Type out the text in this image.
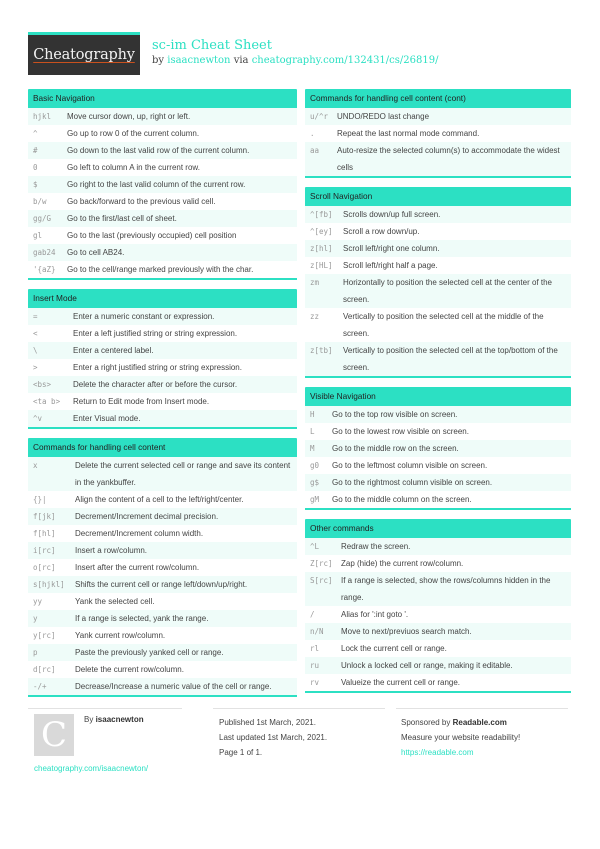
Cheatography
sc-im Cheat Sheet
by isaacnewton via cheatography.com/132431/cs/26819/
Basic Navigation
hjkl	Move cursor down, up, right or left.
^	Go up to row 0 of the current column.
#	Go down to the last valid row of the current column.
0	Go left to column A in the current row.
$	Go right to the last valid column of the current row.
b/w	Go back/forward to the previous valid cell.
gg/G	Go to the first/last cell of sheet.
gl	Go to the last (previously occupied) cell position
gab24	Go to cell AB24.
'{aZ}	Go to the cell/range marked previously with the char.
Insert Mode
=	Enter a numeric constant or expression.
<	Enter a left justified string or string expression.
\	Enter a centered label.
>	Enter a right justified string or string expression.
<bs>	Delete the character after or before the cursor.
<ta b>	Return to Edit mode from Insert mode.
^v	Enter Visual mode.
Commands for handling cell content
x	Delete the current selected cell or range and save its content in the yankbuffer.
{}|	Align the content of a cell to the left/right/center.
f[jk]	Decrement/Increment decimal precision.
f[hl]	Decrement/Increment column width.
i[rc]	Insert a row/column.
o[rc]	Insert after the current row/column.
s[hjkl]	Shifts the current cell or range left/down/up/right.
yy	Yank the selected cell.
y	If a range is selected, yank the range.
y[rc]	Yank current row/column.
p	Paste the previously yanked cell or range.
d[rc]	Delete the current row/column.
-/+	Decrease/Increase a numeric value of the cell or range.
Commands for handling cell content (cont)
u/^r	UNDO/REDO last change
.	Repeat the last normal mode command.
aa	Auto-resize the selected column(s) to accommodate the widest cells
Scroll Navigation
^[fb]	Scrolls down/up full screen.
^[ey]	Scroll a row down/up.
z[hl]	Scroll left/right one column.
z[HL]	Scroll left/right half a page.
zm	Horizontally to position the selected cell at the center of the screen.
zz	Vertically to position the selected cell at the middle of the screen.
z[tb]	Vertically to position the selected cell at the top/bottom of the screen.
Visible Navigation
H	Go to the top row visible on screen.
L	Go to the lowest row visible on screen.
M	Go to the middle row on the screen.
g0	Go to the leftmost column visible on screen.
g$	Go to the rightmost column visible on screen.
gM	Go to the middle column on the screen.
Other commands
^L	Redraw the screen.
Z[rc]	Zap (hide) the current row/column.
S[rc]	If a range is selected, show the rows/columns hidden in the range.
/	Alias for ':int goto '.
n/N	Move to next/previuos search match.
rl	Lock the current cell or range.
ru	Unlock a locked cell or range, making it editable.
rv	Valueize the current cell or range.
C By isaacnewton
cheatography.com/isaacnewton/
Published 1st March, 2021.
Last updated 1st March, 2021.
Page 1 of 1.
Sponsored by Readable.com
Measure your website readability!
https://readable.com
